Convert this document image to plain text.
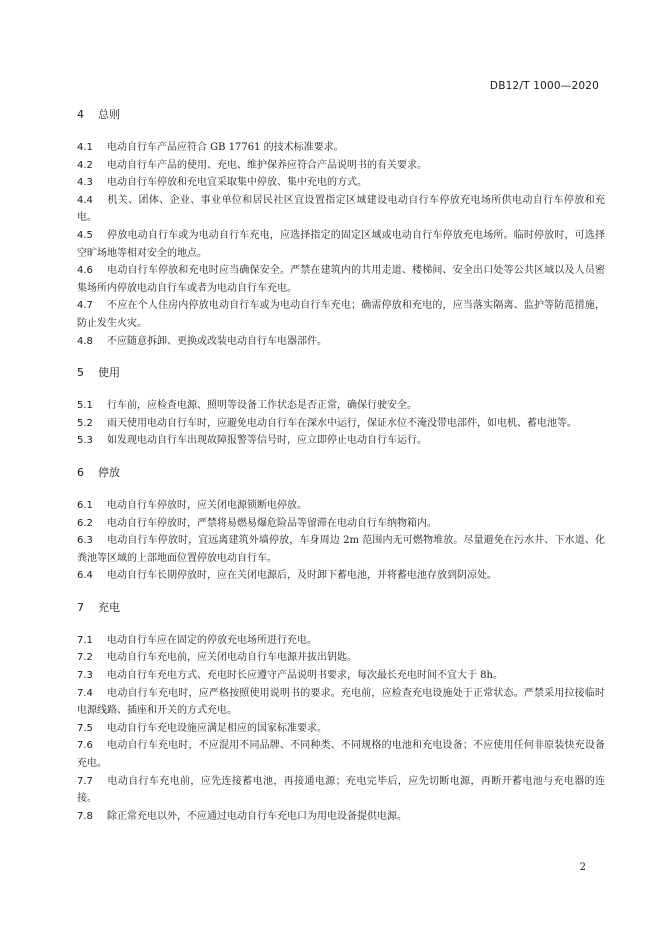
DB12/T 1000—2020
4	总则
4.1 电动自行车产品应符合 GB 17761 的技术标准要求。
4.2 电动自行车产品的使用、充电、维护保养应符合产品说明书的有关要求。
4.3 电动自行车停放和充电宜采取集中停放、集中充电的方式。
4.4 机关、团体、企业、事业单位和居民社区宜设置指定区域建设电动自行车停放充电场所供电动自行车停放和充电。
4.5 停放电动自行车或为电动自行车充电，应选择指定的固定区域或电动自行车停放充电场所。临时停放时，可选择空旷场地等相对安全的地点。
4.6 电动自行车停放和充电时应当确保安全。严禁在建筑内的共用走道、楼梯间、安全出口处等公共区域以及人员密集场所内停放电动自行车或者为电动自行车充电。
4.7 不应在个人住房内停放电动自行车或为电动自行车充电；确需停放和充电的，应当落实隔离、监护等防范措施，防止发生火灾。
4.8 不应随意拆卸、更换或改装电动自行车电器部件。
5	使用
5.1 行车前，应检查电源、照明等设备工作状态是否正常，确保行驶安全。
5.2 雨天使用电动自行车时，应避免电动自行车在深水中运行，保证水位不淹没带电部件，如电机、蓄电池等。
5.3 如发现电动自行车出现故障报警等信号时，应立即停止电动自行车运行。
6	停放
6.1 电动自行车停放时，应关闭电源锁断电停放。
6.2 电动自行车停放时，严禁将易燃易爆危险品等留滞在电动自行车纳物箱内。
6.3 电动自行车停放时，宜远离建筑外墙停放，车身周边 2m 范围内无可燃物堆放。尽量避免在污水井、下水道、化粪池等区域的上部地面位置停放电动自行车。
6.4 电动自行车长期停放时，应在关闭电源后，及时卸下蓄电池，并将蓄电池存放到阴凉处。
7	充电
7.1 电动自行车应在固定的停放充电场所进行充电。
7.2 电动自行车充电前，应关闭电动自行车电源并拔出钥匙。
7.3 电动自行车充电方式、充电时长应遵守产品说明书要求，每次最长充电时间不宜大于 8h。
7.4 电动自行车充电时，应严格按照使用说明书的要求。充电前，应检查充电设施处于正常状态。严禁采用拉接临时电源线路、插座和开关的方式充电。
7.5 电动自行车充电设施应满足相应的国家标准要求。
7.6 电动自行车充电时，不应混用不同品牌、不同种类、不同规格的电池和充电设备；不应使用任何非原装快充设备充电。
7.7 电动自行车充电前，应先连接蓄电池，再接通电源；充电完毕后，应先切断电源，再断开蓄电池与充电器的连接。
7.8 除正常充电以外，不应通过电动自行车充电口为用电设备提供电源。
2
